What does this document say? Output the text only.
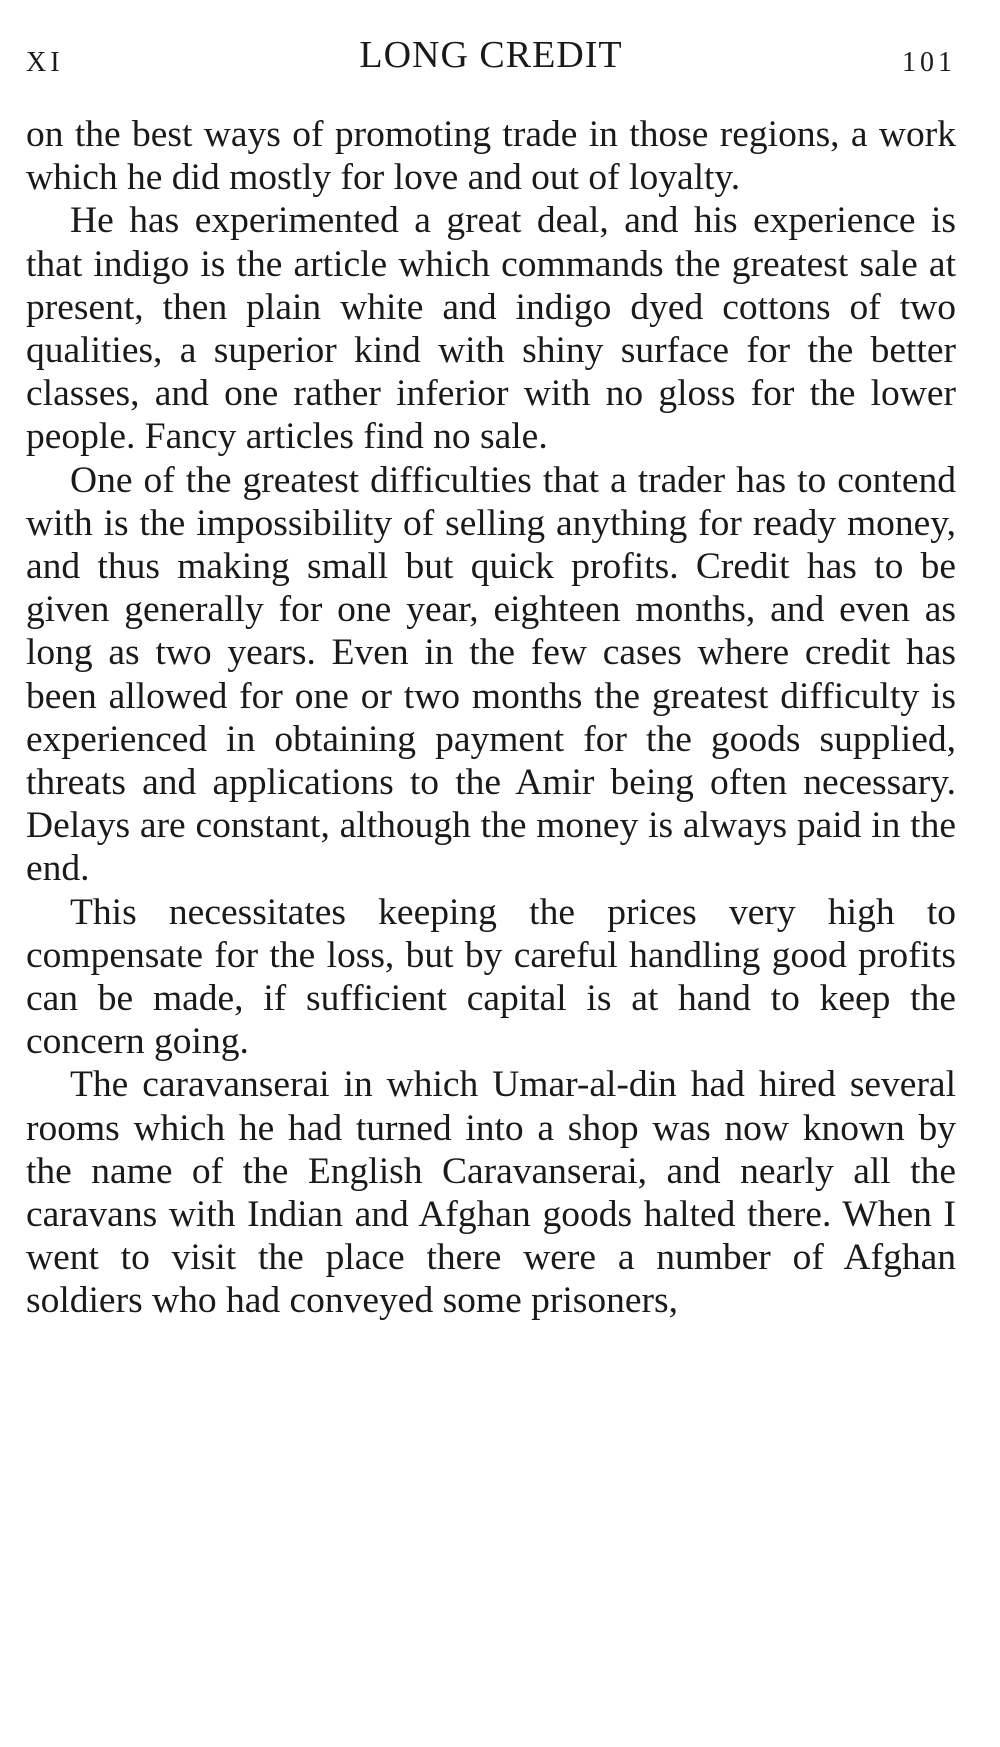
XI	LONG CREDIT	101

on the best ways of promoting trade in those regions, a work which he did mostly for love and out of loyalty.

He has experimented a great deal, and his experience is that indigo is the article which commands the greatest sale at present, then plain white and indigo dyed cottons of two qualities, a superior kind with shiny surface for the better classes, and one rather inferior with no gloss for the lower people. Fancy articles find no sale.

One of the greatest difficulties that a trader has to contend with is the impossibility of selling anything for ready money, and thus making small but quick profits. Credit has to be given generally for one year, eighteen months, and even as long as two years. Even in the few cases where credit has been allowed for one or two months the greatest difficulty is experienced in obtaining payment for the goods supplied, threats and applications to the Amir being often necessary. Delays are constant, although the money is always paid in the end.

This necessitates keeping the prices very high to compensate for the loss, but by careful handling good profits can be made, if sufficient capital is at hand to keep the concern going.

The caravanserai in which Umar-al-din had hired several rooms which he had turned into a shop was now known by the name of the English Caravanserai, and nearly all the caravans with Indian and Afghan goods halted there. When I went to visit the place there were a number of Afghan soldiers who had conveyed some prisoners,
